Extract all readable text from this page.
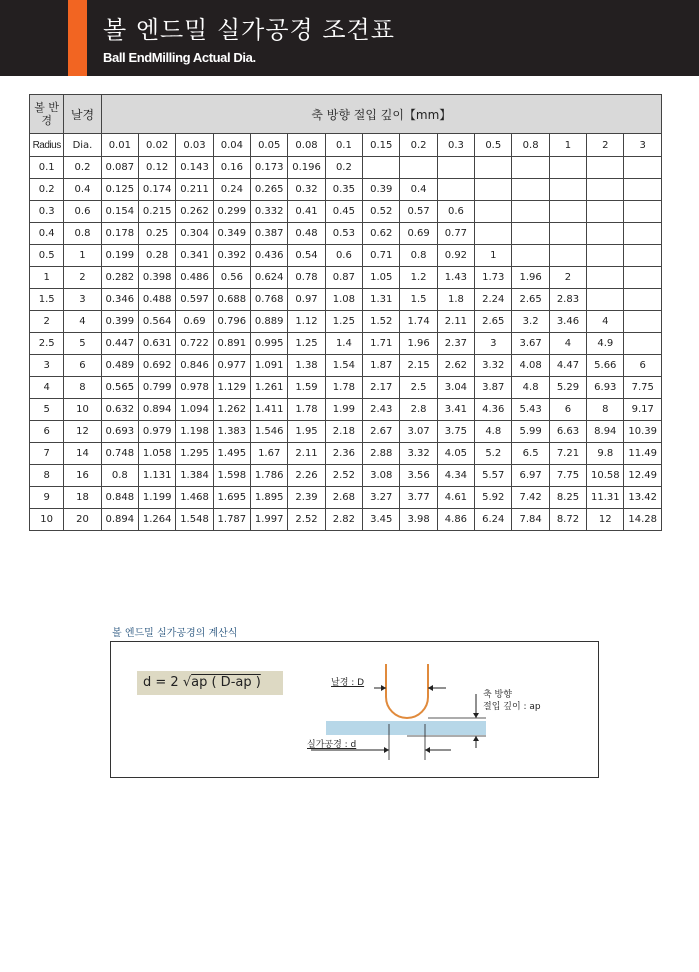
볼 엔드밀 실가공경 조견표
Ball EndMilling Actual Dia.
볼 반경	날경	축 방향 절입 깊이【mm】														
Radius	Dia.	0.01	0.02	0.03	0.04	0.05	0.08	0.1	0.15	0.2	0.3	0.5	0.8	1	2	3
0.1	0.2	0.087	0.12	0.143	0.16	0.173	0.196	0.2								
0.2	0.4	0.125	0.174	0.211	0.24	0.265	0.32	0.35	0.39	0.4						
0.3	0.6	0.154	0.215	0.262	0.299	0.332	0.41	0.45	0.52	0.57	0.6					
0.4	0.8	0.178	0.25	0.304	0.349	0.387	0.48	0.53	0.62	0.69	0.77					
0.5	1	0.199	0.28	0.341	0.392	0.436	0.54	0.6	0.71	0.8	0.92	1				
1	2	0.282	0.398	0.486	0.56	0.624	0.78	0.87	1.05	1.2	1.43	1.73	1.96	2		
1.5	3	0.346	0.488	0.597	0.688	0.768	0.97	1.08	1.31	1.5	1.8	2.24	2.65	2.83		
2	4	0.399	0.564	0.69	0.796	0.889	1.12	1.25	1.52	1.74	2.11	2.65	3.2	3.46	4	
2.5	5	0.447	0.631	0.722	0.891	0.995	1.25	1.4	1.71	1.96	2.37	3	3.67	4	4.9	
3	6	0.489	0.692	0.846	0.977	1.091	1.38	1.54	1.87	2.15	2.62	3.32	4.08	4.47	5.66	6
4	8	0.565	0.799	0.978	1.129	1.261	1.59	1.78	2.17	2.5	3.04	3.87	4.8	5.29	6.93	7.75
5	10	0.632	0.894	1.094	1.262	1.411	1.78	1.99	2.43	2.8	3.41	4.36	5.43	6	8	9.17
6	12	0.693	0.979	1.198	1.383	1.546	1.95	2.18	2.67	3.07	3.75	4.8	5.99	6.63	8.94	10.39
7	14	0.748	1.058	1.295	1.495	1.67	2.11	2.36	2.88	3.32	4.05	5.2	6.5	7.21	9.8	11.49
8	16	0.8	1.131	1.384	1.598	1.786	2.26	2.52	3.08	3.56	4.34	5.57	6.97	7.75	10.58	12.49
9	18	0.848	1.199	1.468	1.695	1.895	2.39	2.68	3.27	3.77	4.61	5.92	7.42	8.25	11.31	13.42
10	20	0.894	1.264	1.548	1.787	1.997	2.52	2.82	3.45	3.98	4.86	6.24	7.84	8.72	12	14.28
볼 엔드밀 실가공경의 계산식
d = 2 √ap ( D-ap )	날경 : D
축 방향
절입 깊이 : ap
실가공경 : d
